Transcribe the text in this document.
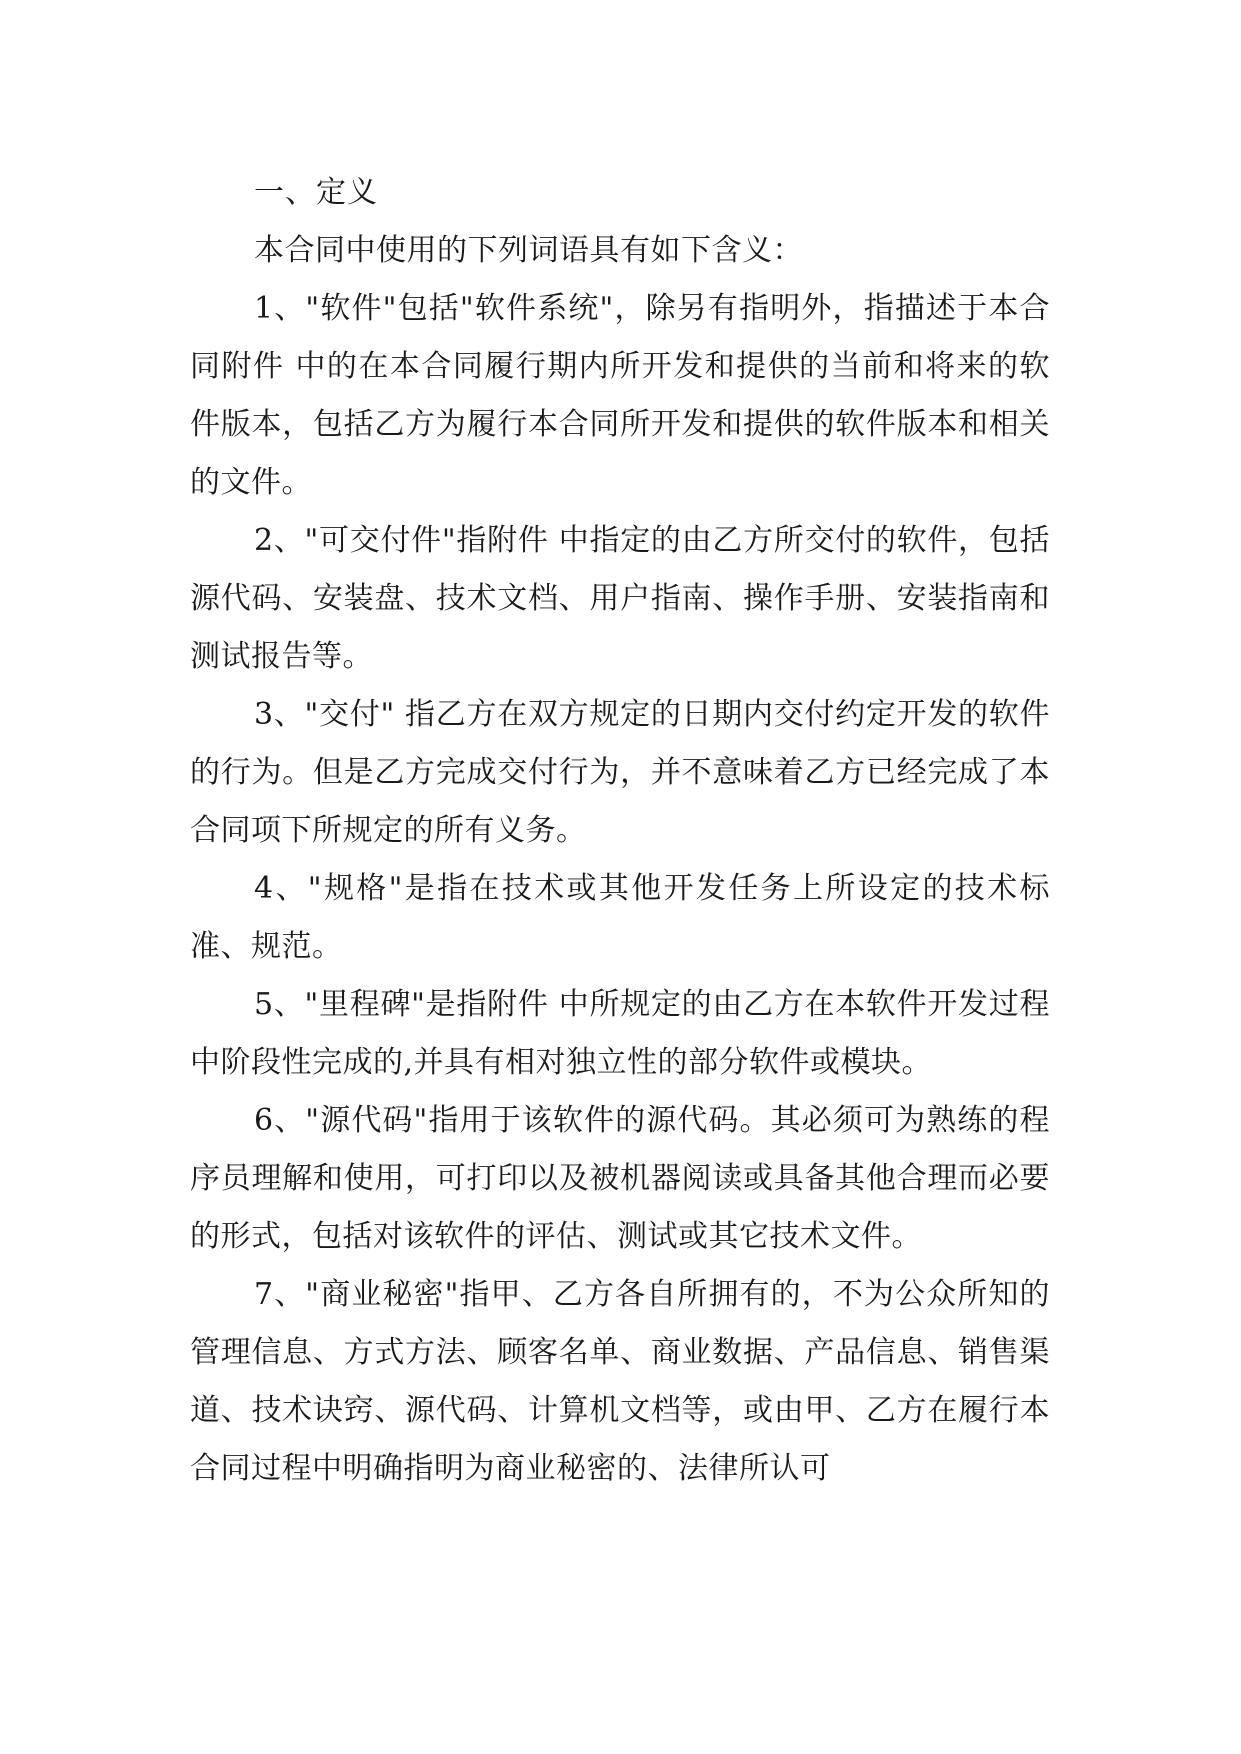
一、定义

本合同中使用的下列词语具有如下含义：

1、"软件"包括"软件系统"，除另有指明外，指描述于本合同附件 中的在本合同履行期内所开发和提供的当前和将来的软件版本，包括乙方为履行本合同所开发和提供的软件版本和相关的文件。

2、"可交付件"指附件 中指定的由乙方所交付的软件，包括源代码、安装盘、技术文档、用户指南、操作手册、安装指南和测试报告等。

3、"交付" 指乙方在双方规定的日期内交付约定开发的软件的行为。但是乙方完成交付行为，并不意味着乙方已经完成了本合同项下所规定的所有义务。

4、"规格"是指在技术或其他开发任务上所设定的技术标准、规范。

5、"里程碑"是指附件 中所规定的由乙方在本软件开发过程中阶段性完成的,并具有相对独立性的部分软件或模块。

6、"源代码"指用于该软件的源代码。其必须可为熟练的程序员理解和使用，可打印以及被机器阅读或具备其他合理而必要的形式，包括对该软件的评估、测试或其它技术文件。

7、"商业秘密"指甲、乙方各自所拥有的，不为公众所知的管理信息、方式方法、顾客名单、商业数据、产品信息、销售渠道、技术诀窍、源代码、计算机文档等，或由甲、乙方在履行本合同过程中明确指明为商业秘密的、法律所认可
